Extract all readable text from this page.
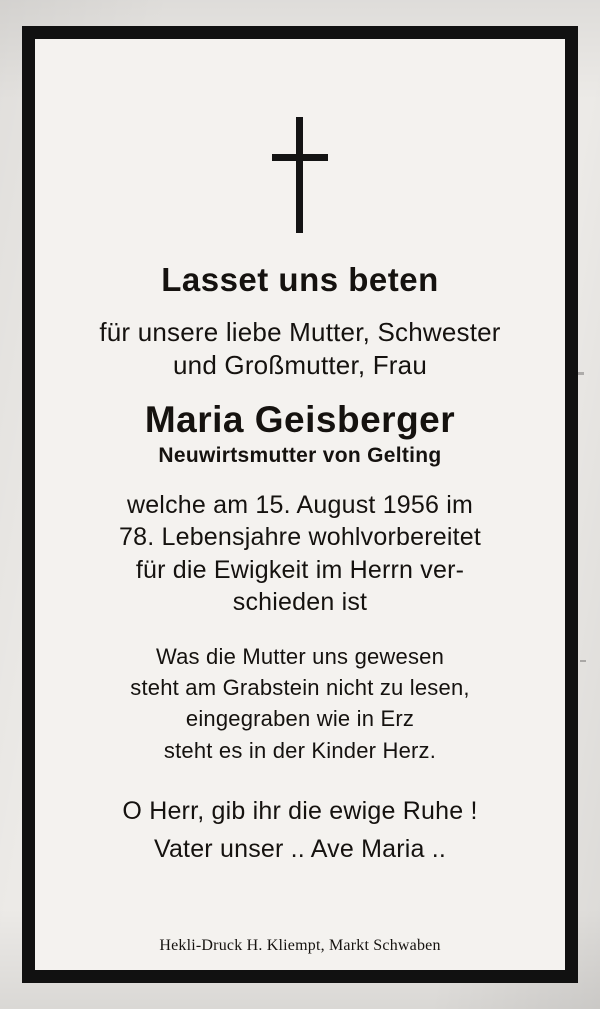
Lasset uns beten
für unsere liebe Mutter, Schwester
und Großmutter, Frau
Maria Geisberger
Neuwirtsmutter von Gelting
welche am 15. August 1956 im
78. Lebensjahre wohlvorbereitet
für die Ewigkeit im Herrn ver-
schieden ist
Was die Mutter uns gewesen
steht am Grabstein nicht zu lesen,
eingegraben wie in Erz
steht es in der Kinder Herz.
O Herr, gib ihr die ewige Ruhe !
Vater unser .. Ave Maria ..
Hekli-Druck H. Kliempt, Markt Schwaben
